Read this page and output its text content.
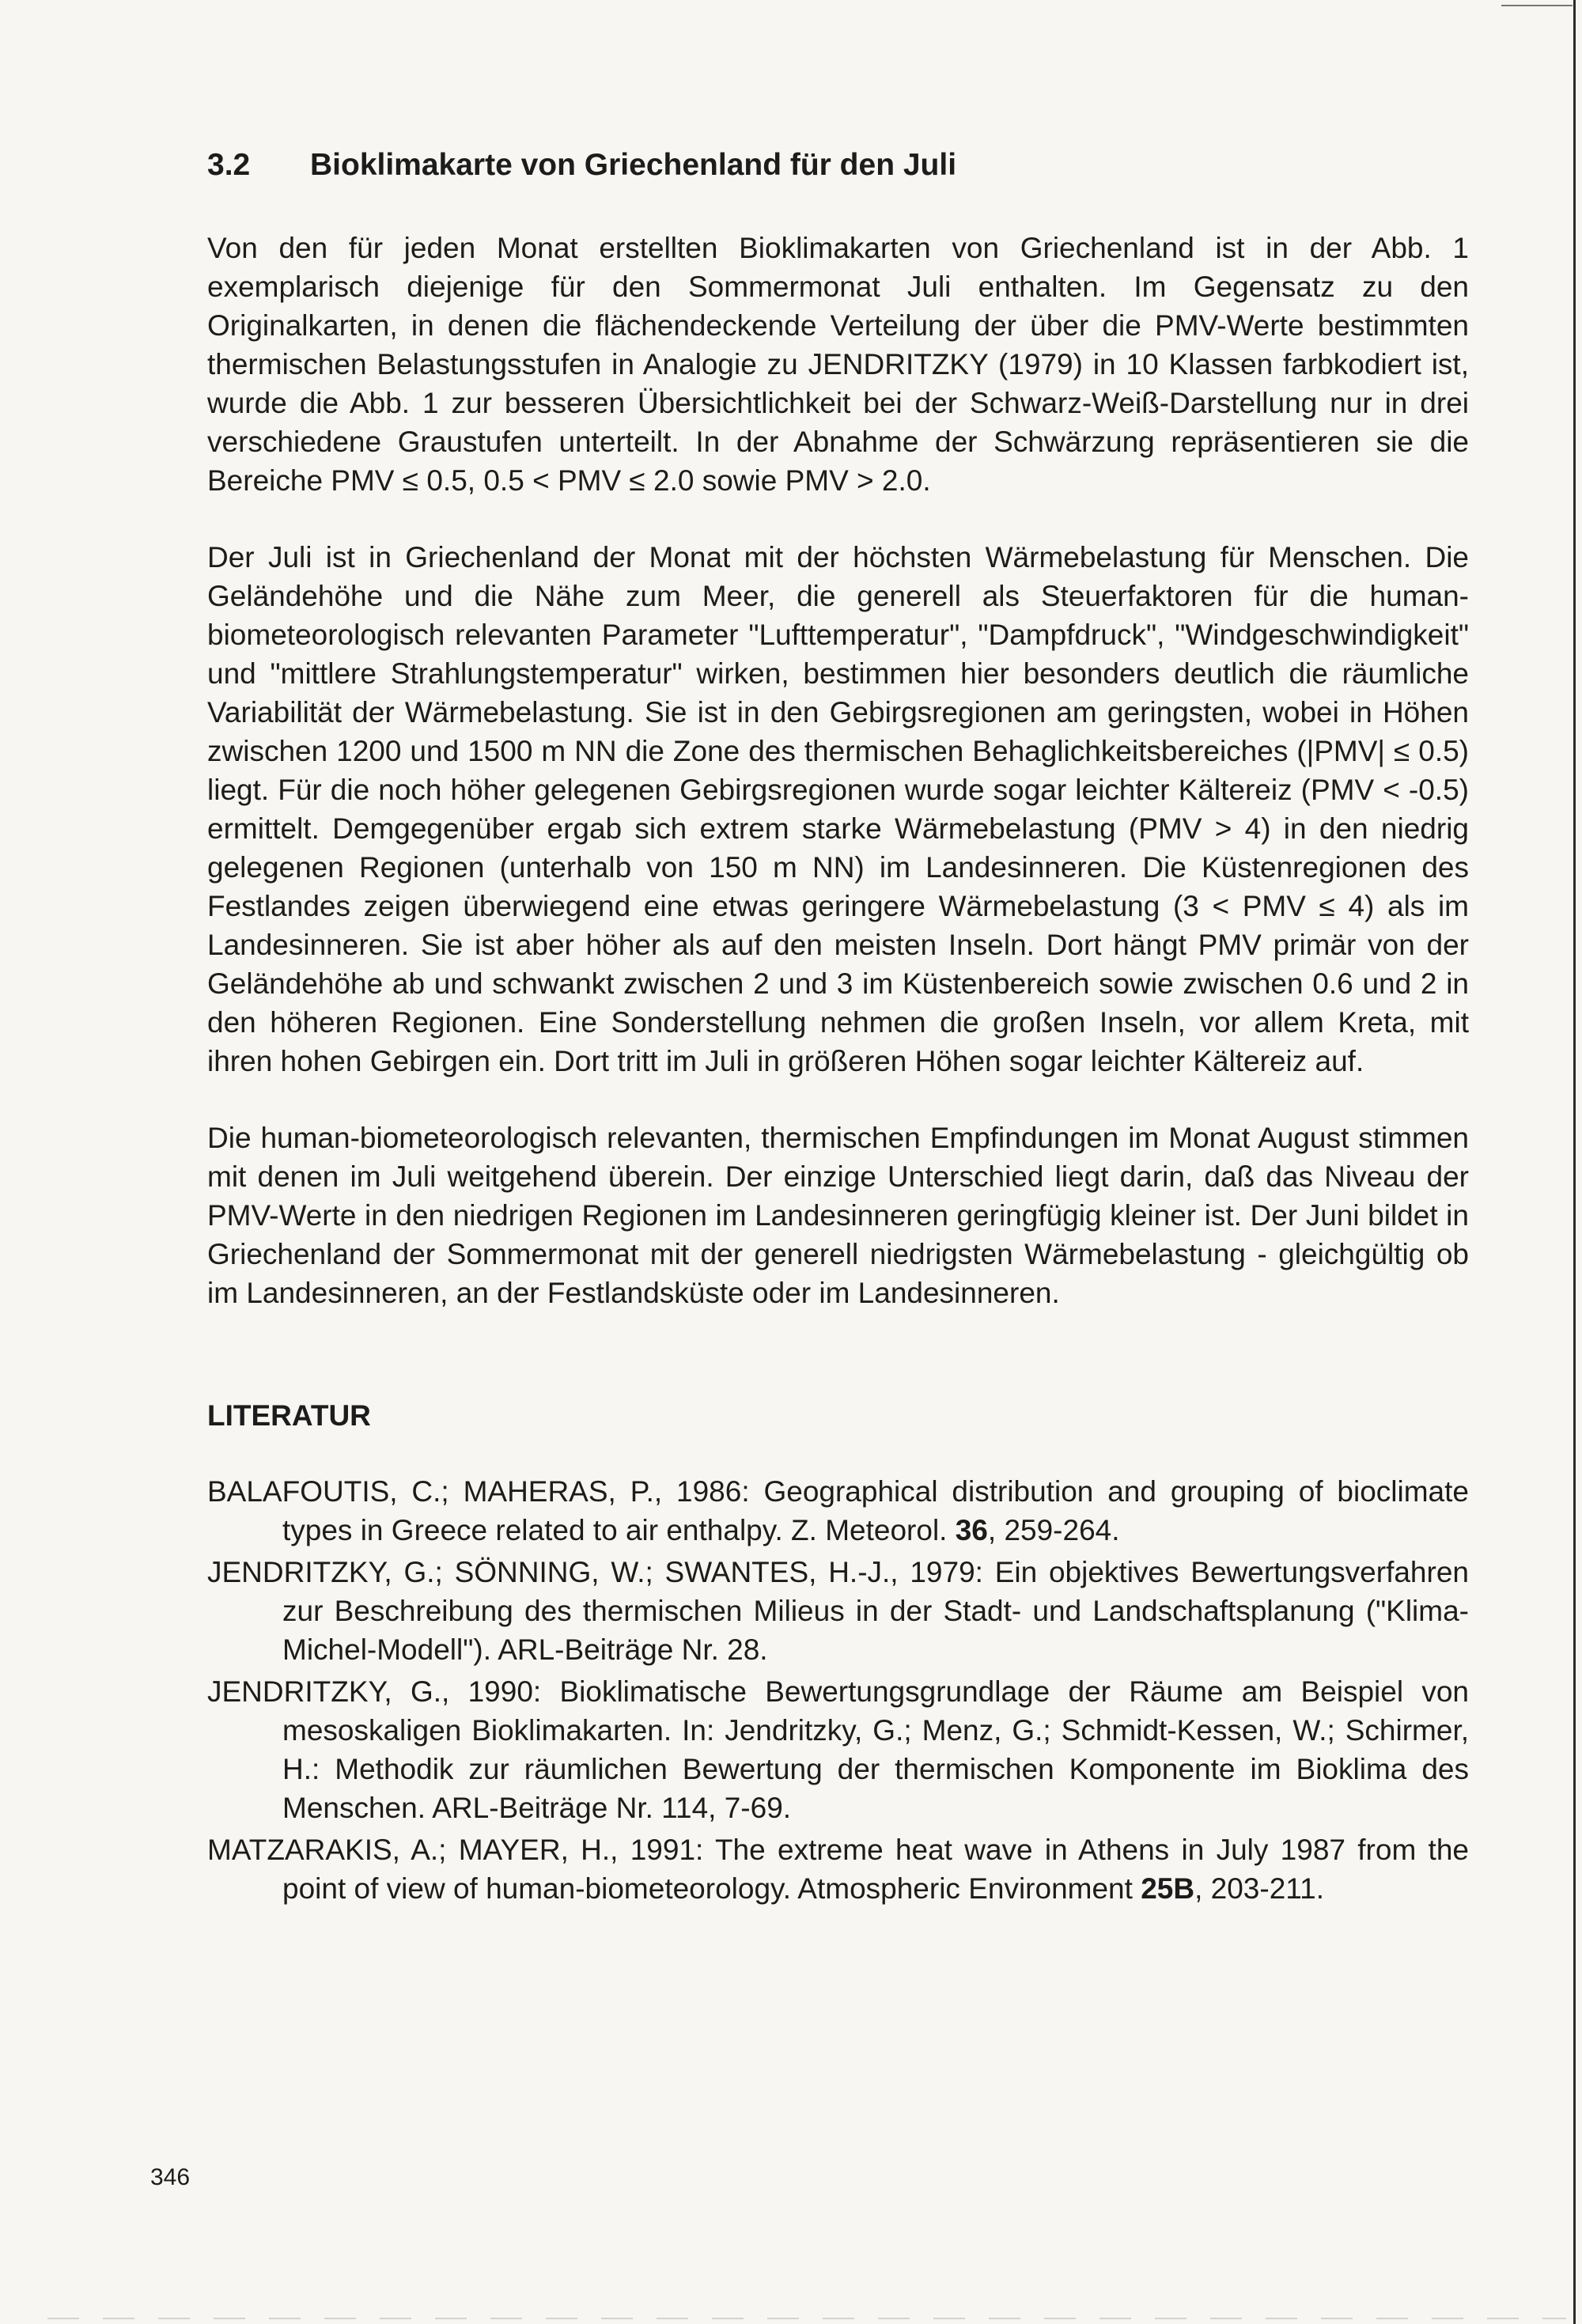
3.2 Bioklimakarte von Griechenland für den Juli

Von den für jeden Monat erstellten Bioklimakarten von Griechenland ist in der Abb. 1 exemplarisch diejenige für den Sommermonat Juli enthalten. Im Gegensatz zu den Originalkarten, in denen die flächendeckende Verteilung der über die PMV-Werte bestimmten thermischen Belastungsstufen in Analogie zu JENDRITZKY (1979) in 10 Klassen farbkodiert ist, wurde die Abb. 1 zur besseren Übersichtlichkeit bei der Schwarz-Weiß-Darstellung nur in drei verschiedene Graustufen unterteilt. In der Abnahme der Schwärzung repräsentieren sie die Bereiche PMV ≤ 0.5, 0.5 < PMV ≤ 2.0 sowie PMV > 2.0.

Der Juli ist in Griechenland der Monat mit der höchsten Wärmebelastung für Menschen. Die Geländehöhe und die Nähe zum Meer, die generell als Steuerfaktoren für die human-biometeorologisch relevanten Parameter "Lufttemperatur", "Dampfdruck", "Windgeschwindigkeit" und "mittlere Strahlungstemperatur" wirken, bestimmen hier besonders deutlich die räumliche Variabilität der Wärmebelastung. Sie ist in den Gebirgsregionen am geringsten, wobei in Höhen zwischen 1200 und 1500 m NN die Zone des thermischen Behaglichkeitsbereiches (|PMV| ≤ 0.5) liegt. Für die noch höher gelegenen Gebirgsregionen wurde sogar leichter Kältereiz (PMV < -0.5) ermittelt. Demgegenüber ergab sich extrem starke Wärmebelastung (PMV > 4) in den niedrig gelegenen Regionen (unterhalb von 150 m NN) im Landesinneren. Die Küstenregionen des Festlandes zeigen überwiegend eine etwas geringere Wärmebelastung (3 < PMV ≤ 4) als im Landesinneren. Sie ist aber höher als auf den meisten Inseln. Dort hängt PMV primär von der Geländehöhe ab und schwankt zwischen 2 und 3 im Küstenbereich sowie zwischen 0.6 und 2 in den höheren Regionen. Eine Sonderstellung nehmen die großen Inseln, vor allem Kreta, mit ihren hohen Gebirgen ein. Dort tritt im Juli in größeren Höhen sogar leichter Kältereiz auf.

Die human-biometeorologisch relevanten, thermischen Empfindungen im Monat August stimmen mit denen im Juli weitgehend überein. Der einzige Unterschied liegt darin, daß das Niveau der PMV-Werte in den niedrigen Regionen im Landesinneren geringfügig kleiner ist. Der Juni bildet in Griechenland der Sommermonat mit der generell niedrigsten Wärmebelastung - gleichgültig ob im Landesinneren, an der Festlandsküste oder im Landesinneren.

LITERATUR
BALAFOUTIS, C.; MAHERAS, P., 1986: Geographical distribution and grouping of bioclimate types in Greece related to air enthalpy. Z. Meteorol. 36, 259-264.
JENDRITZKY, G.; SÖNNING, W.; SWANTES, H.-J., 1979: Ein objektives Bewertungsverfahren zur Beschreibung des thermischen Milieus in der Stadt- und Landschaftsplanung ("Klima-Michel-Modell"). ARL-Beiträge Nr. 28.
JENDRITZKY, G., 1990: Bioklimatische Bewertungsgrundlage der Räume am Beispiel von mesoskaligen Bioklimakarten. In: Jendritzky, G.; Menz, G.; Schmidt-Kessen, W.; Schirmer, H.: Methodik zur räumlichen Bewertung der thermischen Komponente im Bioklima des Menschen. ARL-Beiträge Nr. 114, 7-69.
MATZARAKIS, A.; MAYER, H., 1991: The extreme heat wave in Athens in July 1987 from the point of view of human-biometeorology. Atmospheric Environment 25B, 203-211.
346
